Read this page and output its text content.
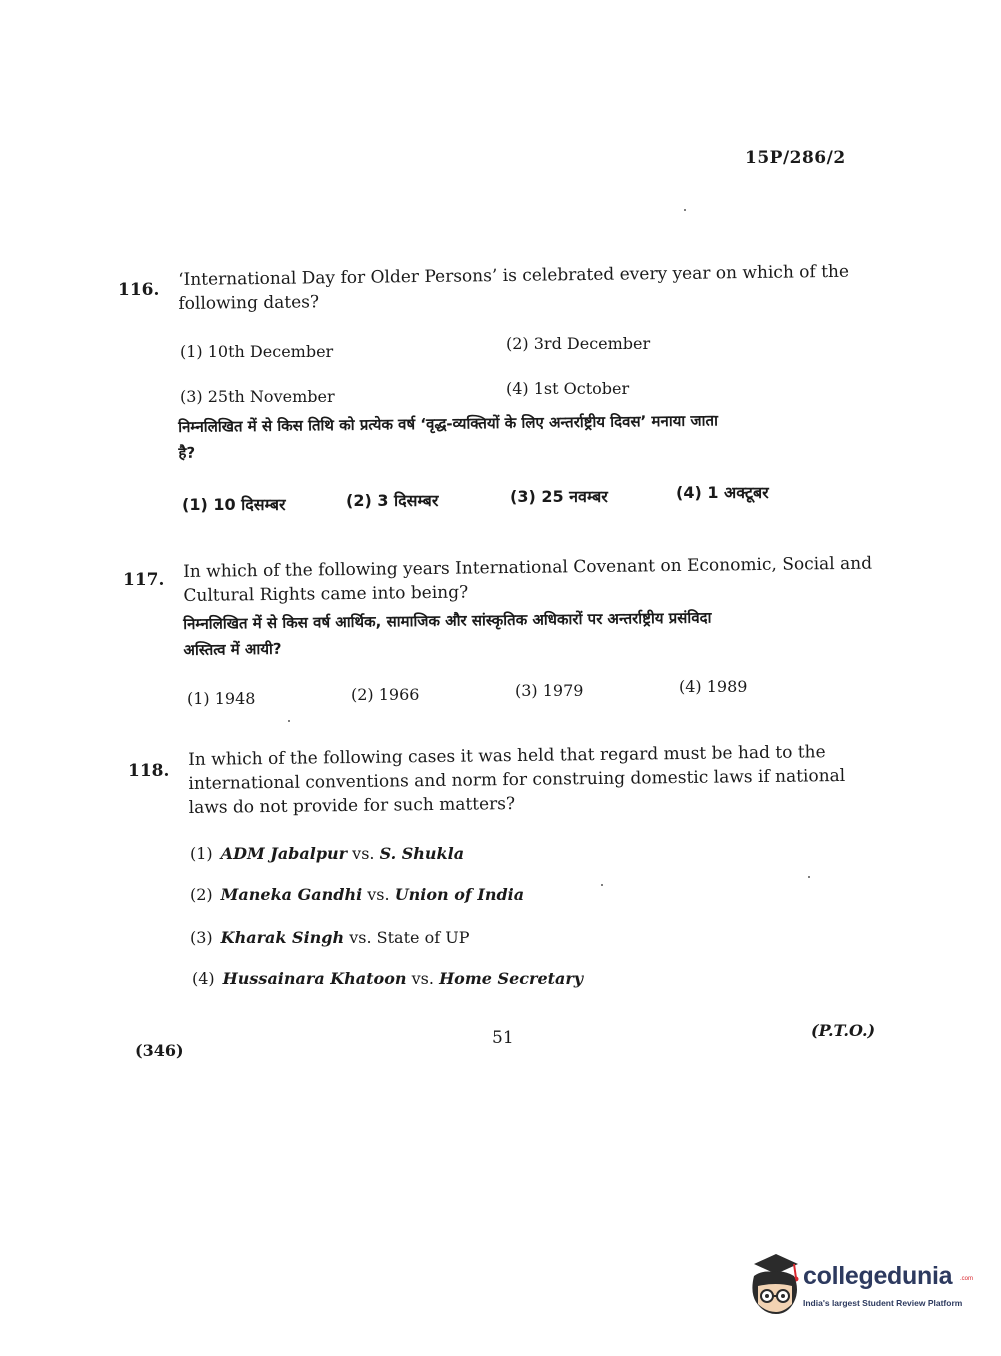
15P/286/2
116.
‘International Day for Older Persons’ is celebrated every year on which of the
following dates?
(1) 10th December	(2) 3rd December
(3) 25th November	(4) 1st October
निम्नलिखित में से किस तिथि को प्रत्येक वर्ष ‘वृद्ध-व्यक्तियों के लिए अन्तर्राष्ट्रीय दिवस’ मनाया जाता
है?
(1) 10 दिसम्बर	(2) 3 दिसम्बर	(3) 25 नवम्बर	(4) 1 अक्टूबर
117. In which of the following years International Covenant on Economic, Social and
Cultural Rights came into being?
निम्नलिखित में से किस वर्ष आर्थिक, सामाजिक और सांस्कृतिक अधिकारों पर अन्तर्राष्ट्रीय प्रसंविदा
अस्तित्व में आयी?
(1) 1948	(2) 1966	(3) 1979	(4) 1989
118.
In which of the following cases it was held that regard must be had to the
international conventions and norm for construing domestic laws if national
laws do not provide for such matters?
(1) ADM Jabalpur vs. S. Shukla
(2) Maneka Gandhi vs. Union of India
(3) Kharak Singh vs. State of UP
(4) Hussainara Khatoon vs. Home Secretary
(346)
51	(P.T.O.)
collegedunia .com
India's largest Student Review Platform
